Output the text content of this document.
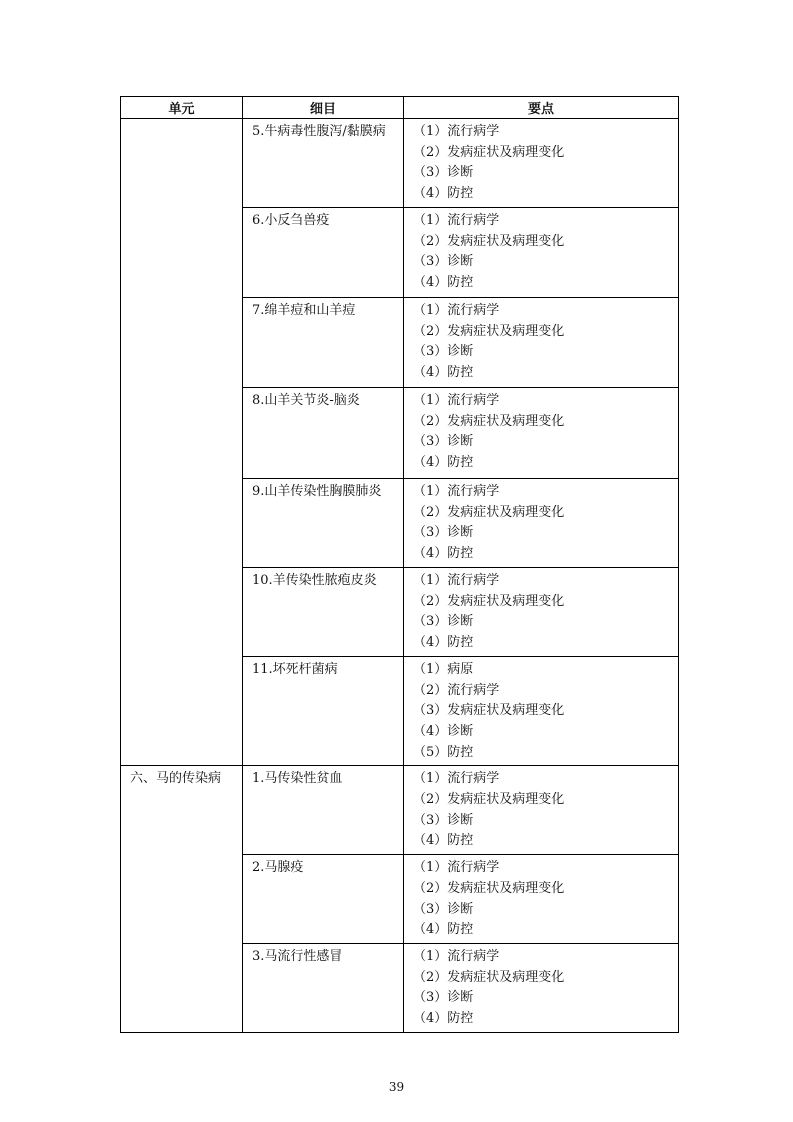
单元	细目	要点
	5.牛病毒性腹泻/黏膜病	（1）流行病学
（2）发病症状及病理变化
（3）诊断
（4）防控

	6.小反刍兽疫	（1）流行病学
（2）发病症状及病理变化
（3）诊断
（4）防控

	7.绵羊痘和山羊痘	（1）流行病学
（2）发病症状及病理变化
（3）诊断
（4）防控

	8.山羊关节炎-脑炎	（1）流行病学
（2）发病症状及病理变化
（3）诊断
（4）防控

	9.山羊传染性胸膜肺炎	（1）流行病学
（2）发病症状及病理变化
（3）诊断
（4）防控

	10.羊传染性脓疱皮炎	（1）流行病学
（2）发病症状及病理变化
（3）诊断
（4）防控

	11.坏死杆菌病	（1）病原
（2）流行病学
（3）发病症状及病理变化
（4）诊断
（5）防控

六、马的传染病	1.马传染性贫血	（1）流行病学
（2）发病症状及病理变化
（3）诊断
（4）防控

	2.马腺疫	（1）流行病学
（2）发病症状及病理变化
（3）诊断
（4）防控

	3.马流行性感冒	（1）流行病学
（2）发病症状及病理变化
（3）诊断
（4）防控
39
